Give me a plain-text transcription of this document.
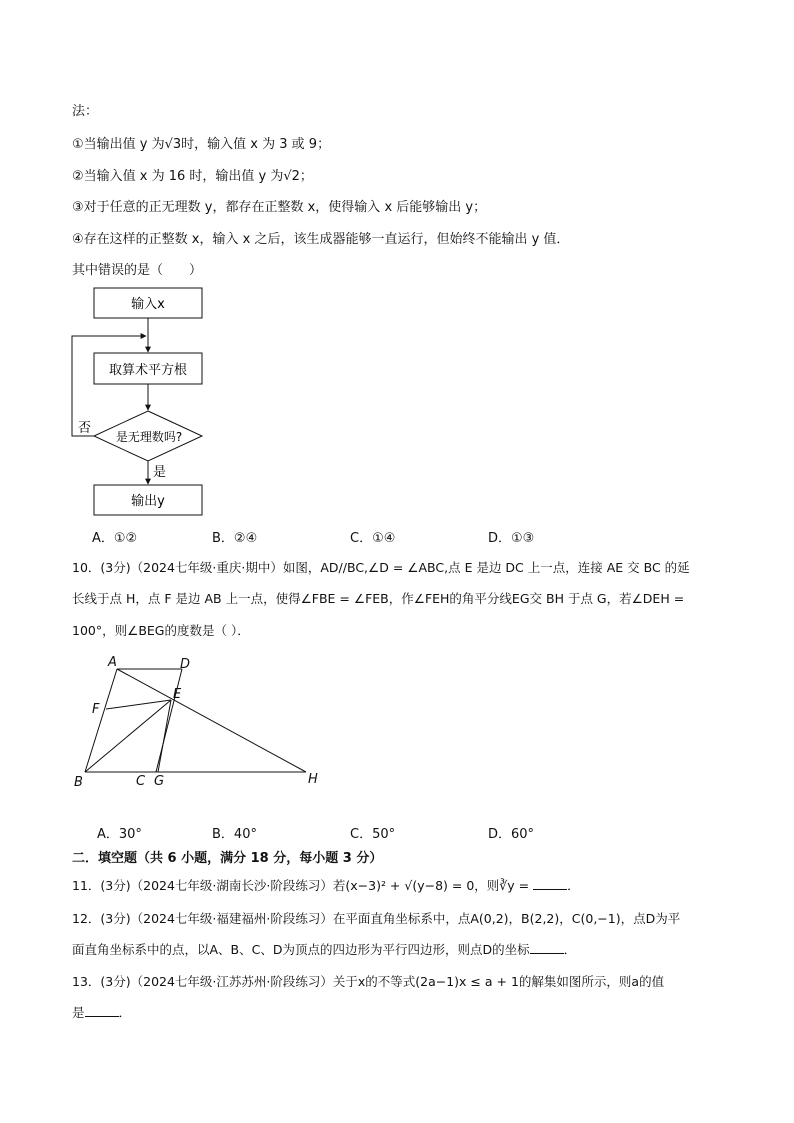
法：
①当输出值 y 为√3时，输入值 x 为 3 或 9；
②当输入值 x 为 16 时，输出值 y 为√2；
③对于任意的正无理数 y，都存在正整数 x，使得输入 x 后能够输出 y；
④存在这样的正整数 x，输入 x 之后，该生成器能够一直运行，但始终不能输出 y 值．
其中错误的是（　　）
输入x
取算术平方根
是无理数吗?
否
是
输出y
A．①②	B．②④	C．①④	D．①③
10．(3分)（2024七年级·重庆·期中）如图，AD//BC,∠D = ∠ABC,点 E 是边 DC 上一点，连接 AE 交 BC 的延
长线于点 H，点 F 是边 AB 上一点，使得∠FBE = ∠FEB，作∠FEH的角平分线EG交 BH 于点 G，若∠DEH =
100°，则∠BEG的度数是（ ）．
A	D
E
F
B	C G	H
A．30°	B．40°	C．50°	D．60°
二．填空题（共 6 小题，满分 18 分，每小题 3 分）
11．(3分)（2024七年级·湖南长沙·阶段练习）若(x−3)² + √(y−8) = 0，则∛y =	．
12．(3分)（2024七年级·福建福州·阶段练习）在平面直角坐标系中，点A(0,2)，B(2,2)，C(0,−1)，点D为平
面直角坐标系中的点，以A、B、C、D为顶点的四边形为平行四边形，则点D的坐标	．
13．(3分)（2024七年级·江苏苏州·阶段练习）关于x的不等式(2a−1)x ≤ a + 1的解集如图所示，则a的值
是	．
